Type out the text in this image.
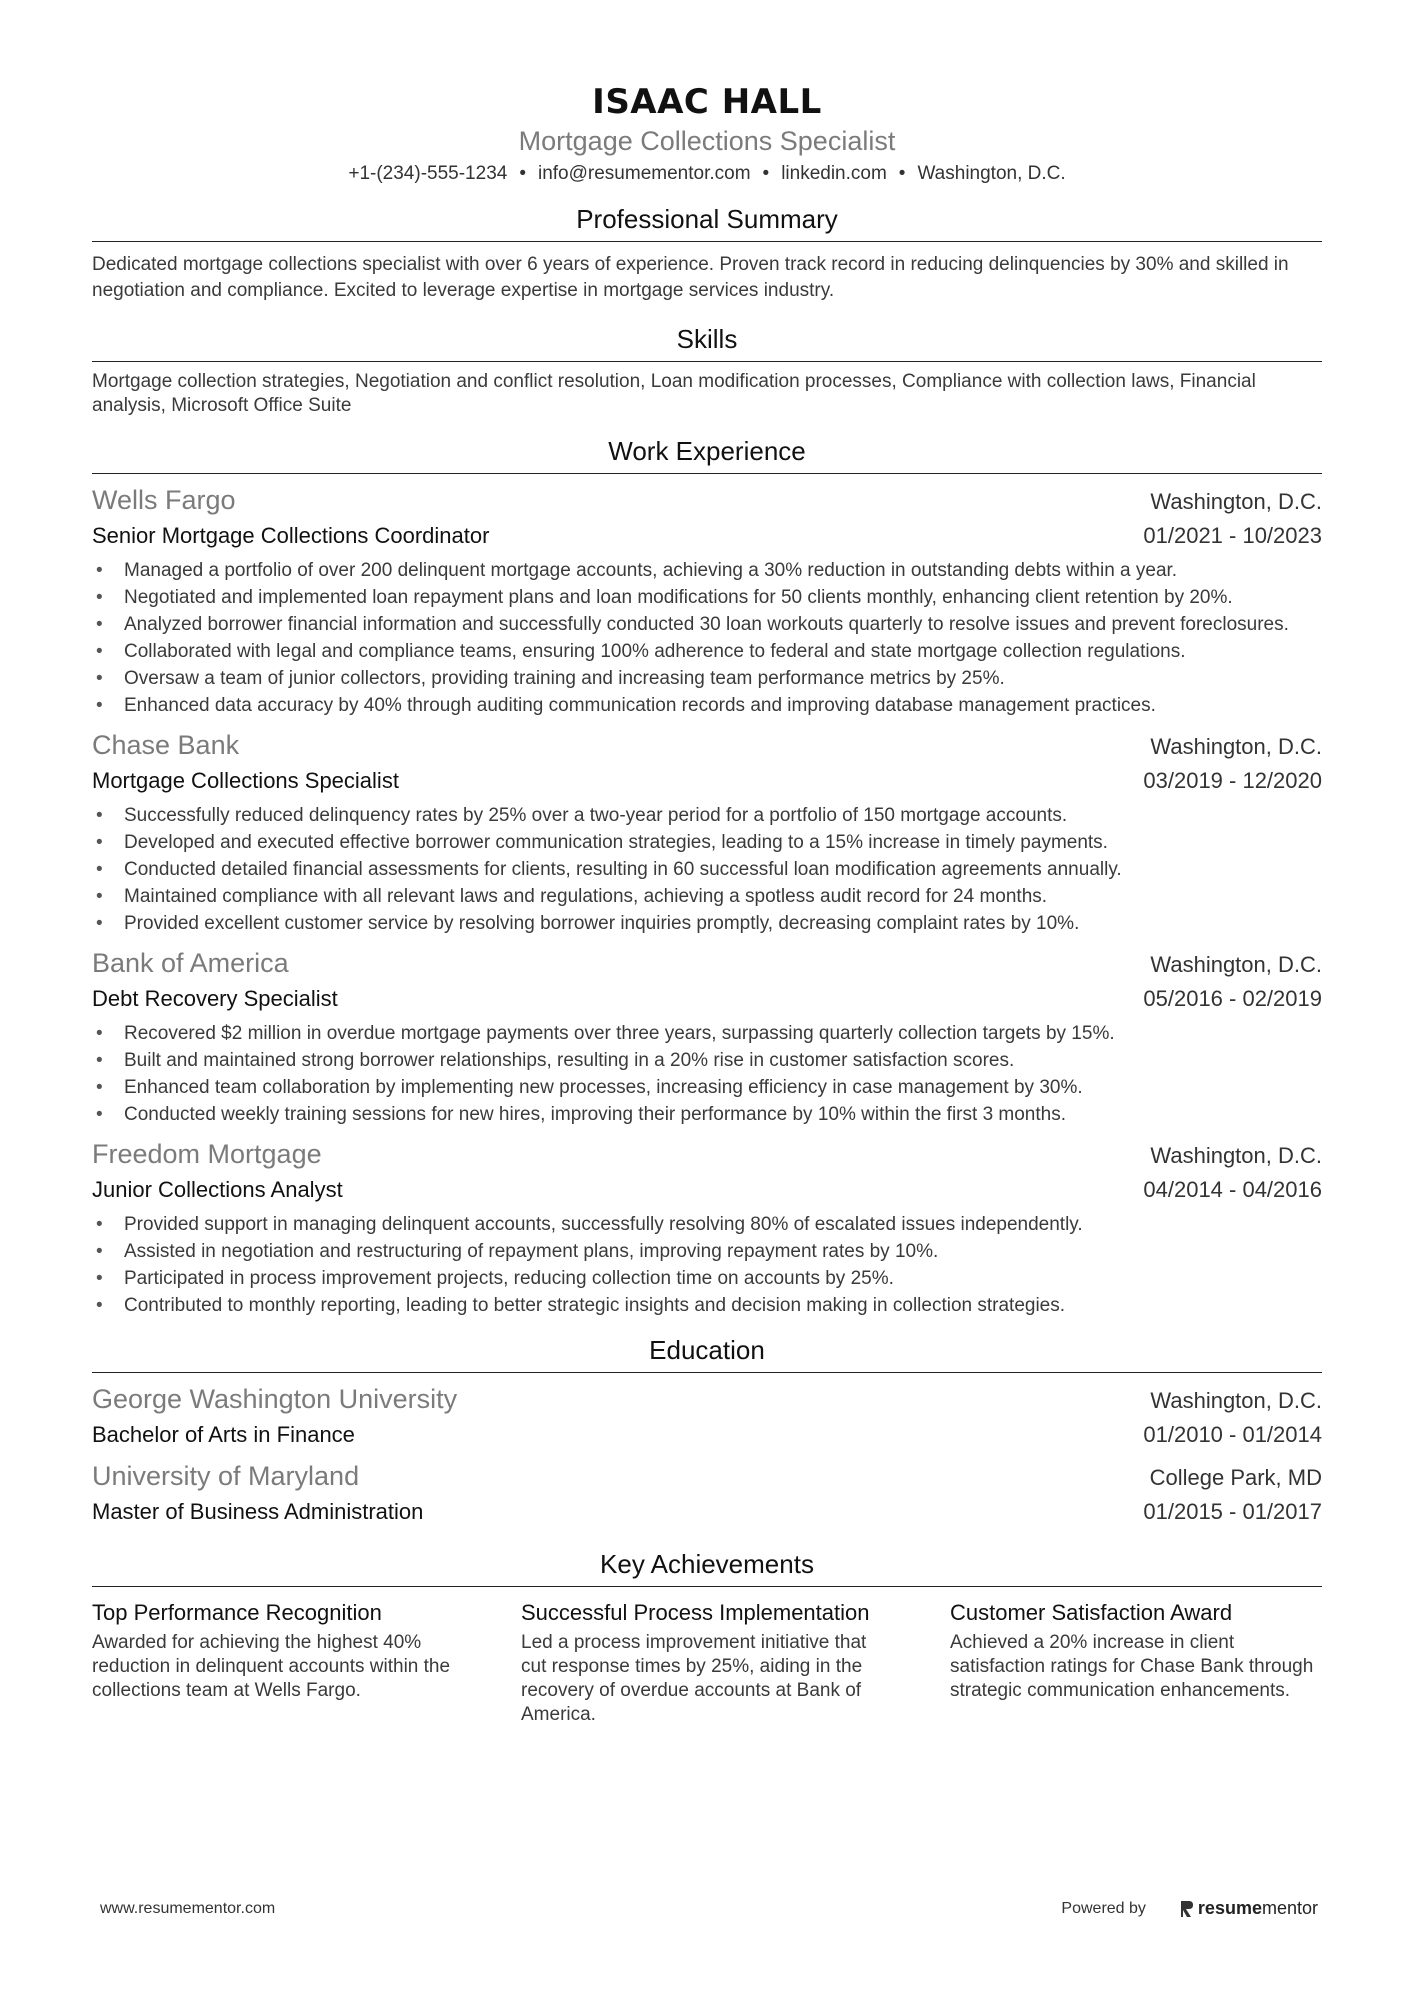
ISAAC HALL
Mortgage Collections Specialist
+1-(234)-555-1234 • info@resumementor.com • linkedin.com • Washington, D.C.
Professional Summary
Dedicated mortgage collections specialist with over 6 years of experience. Proven track record in reducing delinquencies by 30% and skilled in negotiation and compliance. Excited to leverage expertise in mortgage services industry.
Skills
Mortgage collection strategies, Negotiation and conflict resolution, Loan modification processes, Compliance with collection laws, Financial analysis, Microsoft Office Suite
Work Experience
Wells Fargo	Washington, D.C.
Senior Mortgage Collections Coordinator	01/2021 - 10/2023
• Managed a portfolio of over 200 delinquent mortgage accounts, achieving a 30% reduction in outstanding debts within a year.
• Negotiated and implemented loan repayment plans and loan modifications for 50 clients monthly, enhancing client retention by 20%.
• Analyzed borrower financial information and successfully conducted 30 loan workouts quarterly to resolve issues and prevent foreclosures.
• Collaborated with legal and compliance teams, ensuring 100% adherence to federal and state mortgage collection regulations.
• Oversaw a team of junior collectors, providing training and increasing team performance metrics by 25%.
• Enhanced data accuracy by 40% through auditing communication records and improving database management practices.
Chase Bank	Washington, D.C.
Mortgage Collections Specialist	03/2019 - 12/2020
• Successfully reduced delinquency rates by 25% over a two-year period for a portfolio of 150 mortgage accounts.
• Developed and executed effective borrower communication strategies, leading to a 15% increase in timely payments.
• Conducted detailed financial assessments for clients, resulting in 60 successful loan modification agreements annually.
• Maintained compliance with all relevant laws and regulations, achieving a spotless audit record for 24 months.
• Provided excellent customer service by resolving borrower inquiries promptly, decreasing complaint rates by 10%.
Bank of America	Washington, D.C.
Debt Recovery Specialist	05/2016 - 02/2019
• Recovered $2 million in overdue mortgage payments over three years, surpassing quarterly collection targets by 15%.
• Built and maintained strong borrower relationships, resulting in a 20% rise in customer satisfaction scores.
• Enhanced team collaboration by implementing new processes, increasing efficiency in case management by 30%.
• Conducted weekly training sessions for new hires, improving their performance by 10% within the first 3 months.
Freedom Mortgage	Washington, D.C.
Junior Collections Analyst	04/2014 - 04/2016
• Provided support in managing delinquent accounts, successfully resolving 80% of escalated issues independently.
• Assisted in negotiation and restructuring of repayment plans, improving repayment rates by 10%.
• Participated in process improvement projects, reducing collection time on accounts by 25%.
• Contributed to monthly reporting, leading to better strategic insights and decision making in collection strategies.
Education
George Washington University	Washington, D.C.
Bachelor of Arts in Finance	01/2010 - 01/2014
University of Maryland	College Park, MD
Master of Business Administration	01/2015 - 01/2017
Key Achievements
Top Performance Recognition
Awarded for achieving the highest 40% reduction in delinquent accounts within the collections team at Wells Fargo.
Successful Process Implementation
Led a process improvement initiative that cut response times by 25%, aiding in the recovery of overdue accounts at Bank of America.
Customer Satisfaction Award
Achieved a 20% increase in client satisfaction ratings for Chase Bank through strategic communication enhancements.
www.resumementor.com	Powered by	resume mentor
